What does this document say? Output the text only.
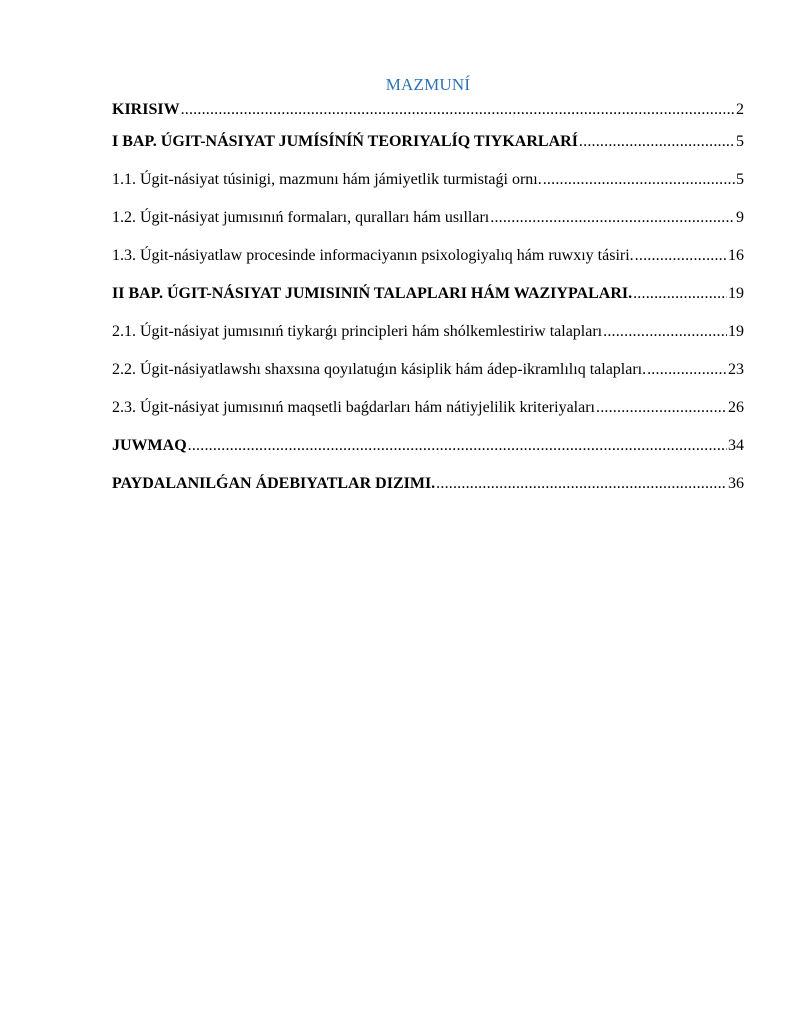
MAZMUNÍ
KIRISIW .....	2
I BAP. ÚGIT-NÁSIYAT JUMÍSÍNÍŃ TEORIYALÍQ TIYKARLARÍ .....	5
1.1. Úgit-násiyat túsinigi, mazmunı hám jámiyetlik turmistaǵi ornı. .....	5
1.2. Úgit-násiyat jumısınıń formaları, quralları hám usılları .....	9
1.3. Úgit-násiyatlaw procesinde informaciyanın psixologiyalıq hám ruwxıy tásiri. .....	16
II BAP. ÚGIT-NÁSIYAT JUMISINIŃ TALAPLARI HÁM WAZIYPALARI. .....	19
2.1. Úgit-násiyat jumısınıń tiykarǵı principleri hám shólkemlestiriw talapları .....	19
2.2. Úgit-násiyatlawshı shaxsına qoyılatuǵın kásiplik hám ádep-ikramlılıq talapları. .....	23
2.3. Úgit-násiyat jumısınıń maqsetli baǵdarları hám nátiyjelilik kriteriyaları .....	26
JUWMAQ .....	34
PAYDALANILǴAN ÁDEBIYATLAR DIZIMI. .....	36
